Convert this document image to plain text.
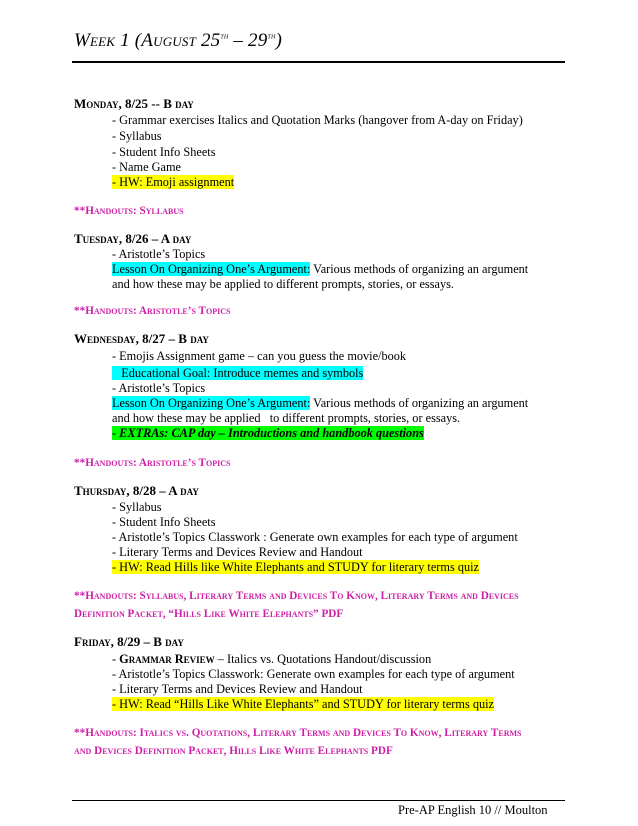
Week 1 (August 25th – 29th)
Monday, 8/25 -- B day
- Grammar exercises Italics and Quotation Marks (hangover from A-day on Friday)
- Syllabus
- Student Info Sheets
- Name Game
- HW: Emoji assignment
**Handouts: Syllabus
Tuesday, 8/26 – A day
- Aristotle’s Topics
Lesson On Organizing One’s Argument: Various methods of organizing an argument
and how these may be applied to different prompts, stories, or essays.
**Handouts: Aristotle’s Topics
Wednesday, 8/27 – B day
- Emojis Assignment game – can you guess the movie/book
Educational Goal: Introduce memes and symbols
- Aristotle’s Topics
Lesson On Organizing One’s Argument: Various methods of organizing an argument
and how these may be applied   to different prompts, stories, or essays.
- EXTRAs: CAP day – Introductions and handbook questions
**Handouts: Aristotle’s Topics
Thursday, 8/28 – A day
- Syllabus
- Student Info Sheets
- Aristotle’s Topics Classwork : Generate own examples for each type of argument
- Literary Terms and Devices Review and Handout
- HW: Read Hills like White Elephants and STUDY for literary terms quiz
**Handouts: Syllabus, Literary Terms and Devices To Know, Literary Terms and Devices
Definition Packet, “Hills Like White Elephants” PDF
Friday, 8/29 – B day
- Grammar Review – Italics vs. Quotations Handout/discussion
- Aristotle’s Topics Classwork: Generate own examples for each type of argument
- Literary Terms and Devices Review and Handout
- HW: Read “Hills Like White Elephants” and STUDY for literary terms quiz
**Handouts: Italics vs. Quotations, Literary Terms and Devices To Know, Literary Terms
and Devices Definition Packet, Hills Like White Elephants PDF
Pre-AP English 10 // Moulton
